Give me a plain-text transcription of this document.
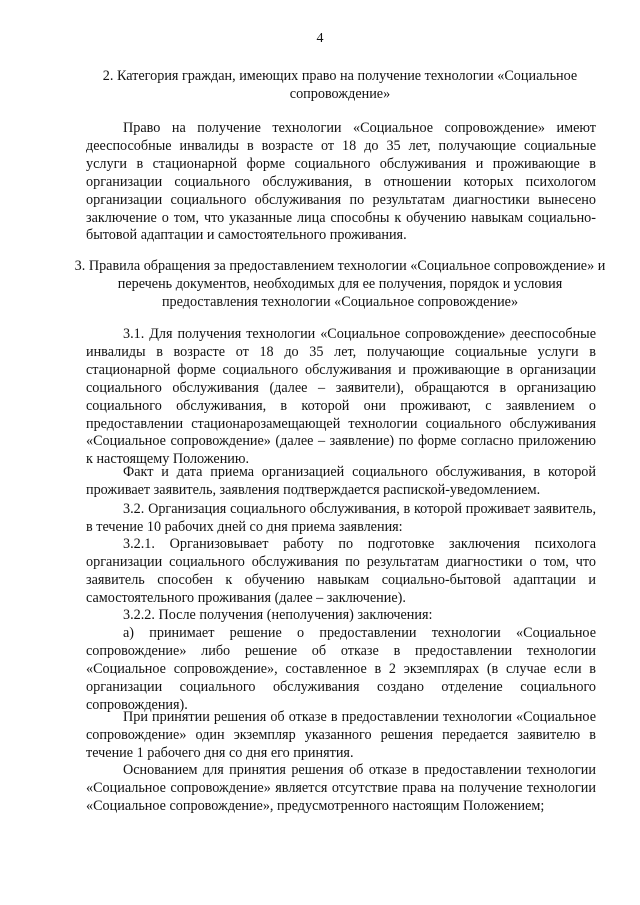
4
2. Категория граждан, имеющих право на получение технологии «Социальное сопровождение»
Право на получение технологии «Социальное сопровождение» имеют дееспособные инвалиды в возрасте от 18 до 35 лет, получающие социальные услуги в стационарной форме социального обслуживания и проживающие в организации социального обслуживания, в отношении которых психологом организации социального обслуживания по результатам диагностики вынесено заключение о том, что указанные лица способны к обучению навыкам социально-бытовой адаптации и самостоятельного проживания.
3. Правила обращения за предоставлением технологии «Социальное сопровождение» и перечень документов, необходимых для ее получения, порядок и условия предоставления технологии «Социальное сопровождение»
3.1. Для получения технологии «Социальное сопровождение» дееспособные инвалиды в возрасте от 18 до 35 лет, получающие социальные услуги в стационарной форме социального обслуживания и проживающие в организации социального обслуживания (далее – заявители), обращаются в организацию социального обслуживания, в которой они проживают, с заявлением о предоставлении стационарозамещающей технологии социального обслуживания «Социальное сопровождение» (далее – заявление) по форме согласно приложению к настоящему Положению.
Факт и дата приема организацией социального обслуживания, в которой проживает заявитель, заявления подтверждается распиской-уведомлением.
3.2. Организация социального обслуживания, в которой проживает заявитель, в течение 10 рабочих дней со дня приема заявления:
3.2.1. Организовывает работу по подготовке заключения психолога организации социального обслуживания по результатам диагностики о том, что заявитель способен к обучению навыкам социально-бытовой адаптации и самостоятельного проживания (далее – заключение).
3.2.2. После получения (неполучения) заключения:
а) принимает решение о предоставлении технологии «Социальное сопровождение» либо решение об отказе в предоставлении технологии «Социальное сопровождение», составленное в 2 экземплярах (в случае если в организации социального обслуживания создано отделение социального сопровождения).
При принятии решения об отказе в предоставлении технологии «Социальное сопровождение» один экземпляр указанного решения передается заявителю в течение 1 рабочего дня со дня его принятия.
Основанием для принятия решения об отказе в предоставлении технологии «Социальное сопровождение» является отсутствие права на получение технологии «Социальное сопровождение», предусмотренного настоящим Положением;
